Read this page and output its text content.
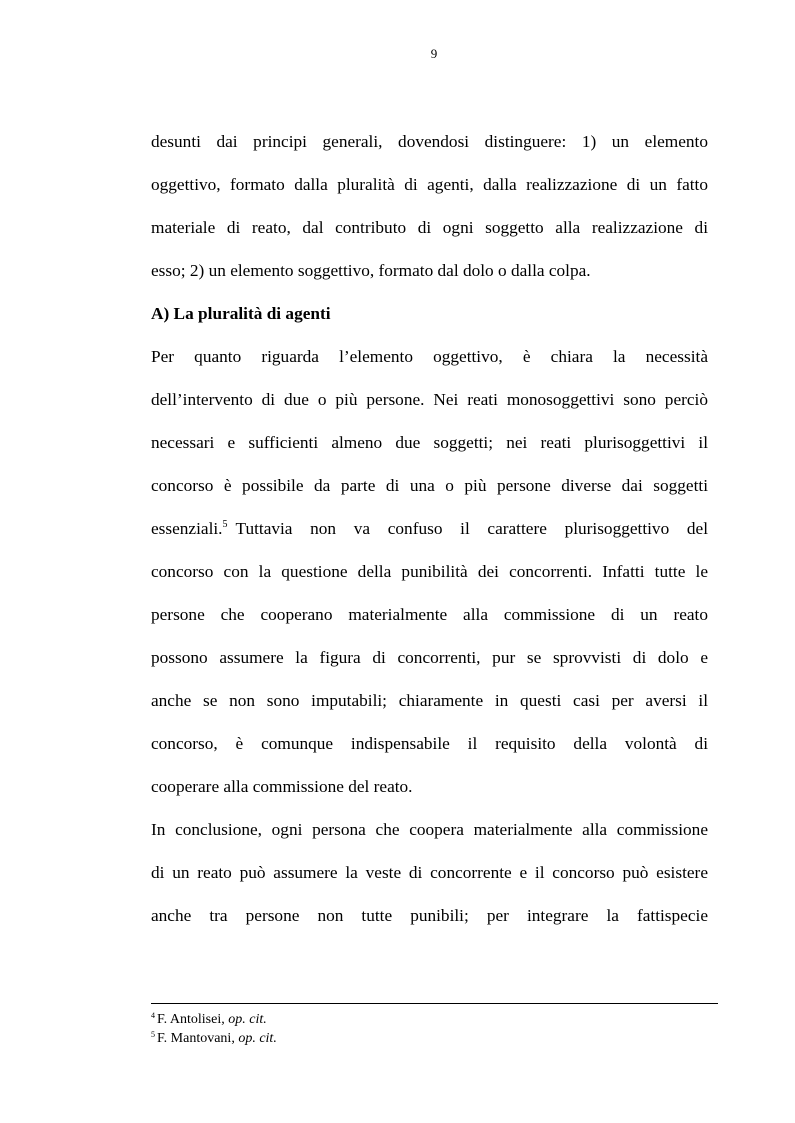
9
desunti dai principi generali, dovendosi distinguere: 1) un elemento
oggettivo, formato dalla pluralità di agenti, dalla realizzazione di un fatto
materiale di reato, dal contributo di ogni soggetto alla realizzazione di
esso; 2) un elemento soggettivo, formato dal dolo o dalla colpa.
A) La pluralità di agenti
Per quanto riguarda l’elemento oggettivo, è chiara la necessità
dell’intervento di due o più persone. Nei reati monosoggettivi sono perciò
necessari e sufficienti almeno due soggetti; nei reati plurisoggettivi il
concorso è possibile da parte di una o più persone diverse dai soggetti
essenziali.$^5$ Tuttavia non va confuso il carattere plurisoggettivo del
concorso con la questione della punibilità dei concorrenti. Infatti tutte le
persone che cooperano materialmente alla commissione di un reato
possono assumere la figura di concorrenti, pur se sprovvisti di dolo e
anche se non sono imputabili; chiaramente in questi casi per aversi il
concorso, è comunque indispensabile il requisito della volontà di
cooperare alla commissione del reato.
In conclusione, ogni persona che coopera materialmente alla commissione
di un reato può assumere la veste di concorrente e il concorso può esistere
anche tra persone non tutte punibili; per integrare la fattispecie
$^4$ F. Antolisei, op. cit.
$^5$ F. Mantovani, op. cit.
